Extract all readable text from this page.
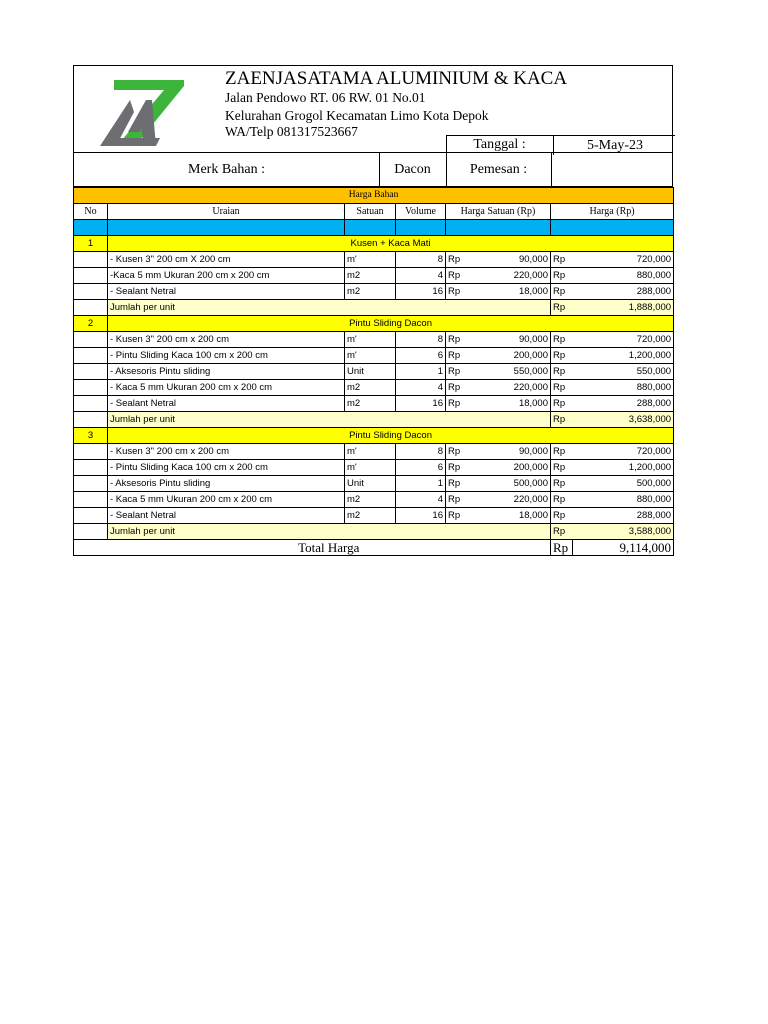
ZAENJASATAMA ALUMINIUM & KACA
Jalan Pendowo RT. 06 RW. 01 No.01
Kelurahan Grogol Kecamatan Limo Kota Depok
WA/Telp 081317523667
Tanggal :	5-May-23
Merk Bahan :	Dacon	Pemesan :
Harga Bahan							
No	Uraian	Satuan	Volume	Harga Satuan (Rp)		Harga (Rp)	

1	Kusen + Kaca Mati						
	- Kusen 3" 200 cm X 200 cm	m'	8	Rp	90,000	Rp	720,000
	-Kaca 5 mm Ukuran 200 cm x 200 cm	m2	4	Rp	220,000	Rp	880,000
	- Sealant Netral	m2	16	Rp	18,000	Rp	288,000
	Jumlah per unit					Rp	1,888,000
2	Pintu Sliding Dacon						
	- Kusen 3" 200 cm x 200 cm	m'	8	Rp	90,000	Rp	720,000
	- Pintu Sliding Kaca 100 cm x 200 cm	m'	6	Rp	200,000	Rp	1,200,000
	- Aksesoris Pintu sliding	Unit	1	Rp	550,000	Rp	550,000
	- Kaca 5 mm Ukuran 200 cm x 200 cm	m2	4	Rp	220,000	Rp	880,000
	- Sealant Netral	m2	16	Rp	18,000	Rp	288,000
	Jumlah per unit					Rp	3,638,000
3	Pintu Sliding Dacon						
	- Kusen 3" 200 cm x 200 cm	m'	8	Rp	90,000	Rp	720,000
	- Pintu Sliding Kaca 100 cm x 200 cm	m'	6	Rp	200,000	Rp	1,200,000
	- Aksesoris Pintu sliding	Unit	1	Rp	500,000	Rp	500,000
	- Kaca 5 mm Ukuran 200 cm x 200 cm	m2	4	Rp	220,000	Rp	880,000
	- Sealant Netral	m2	16	Rp	18,000	Rp	288,000
	Jumlah per unit					Rp	3,588,000
	Total Harga					Rp	9,114,000
